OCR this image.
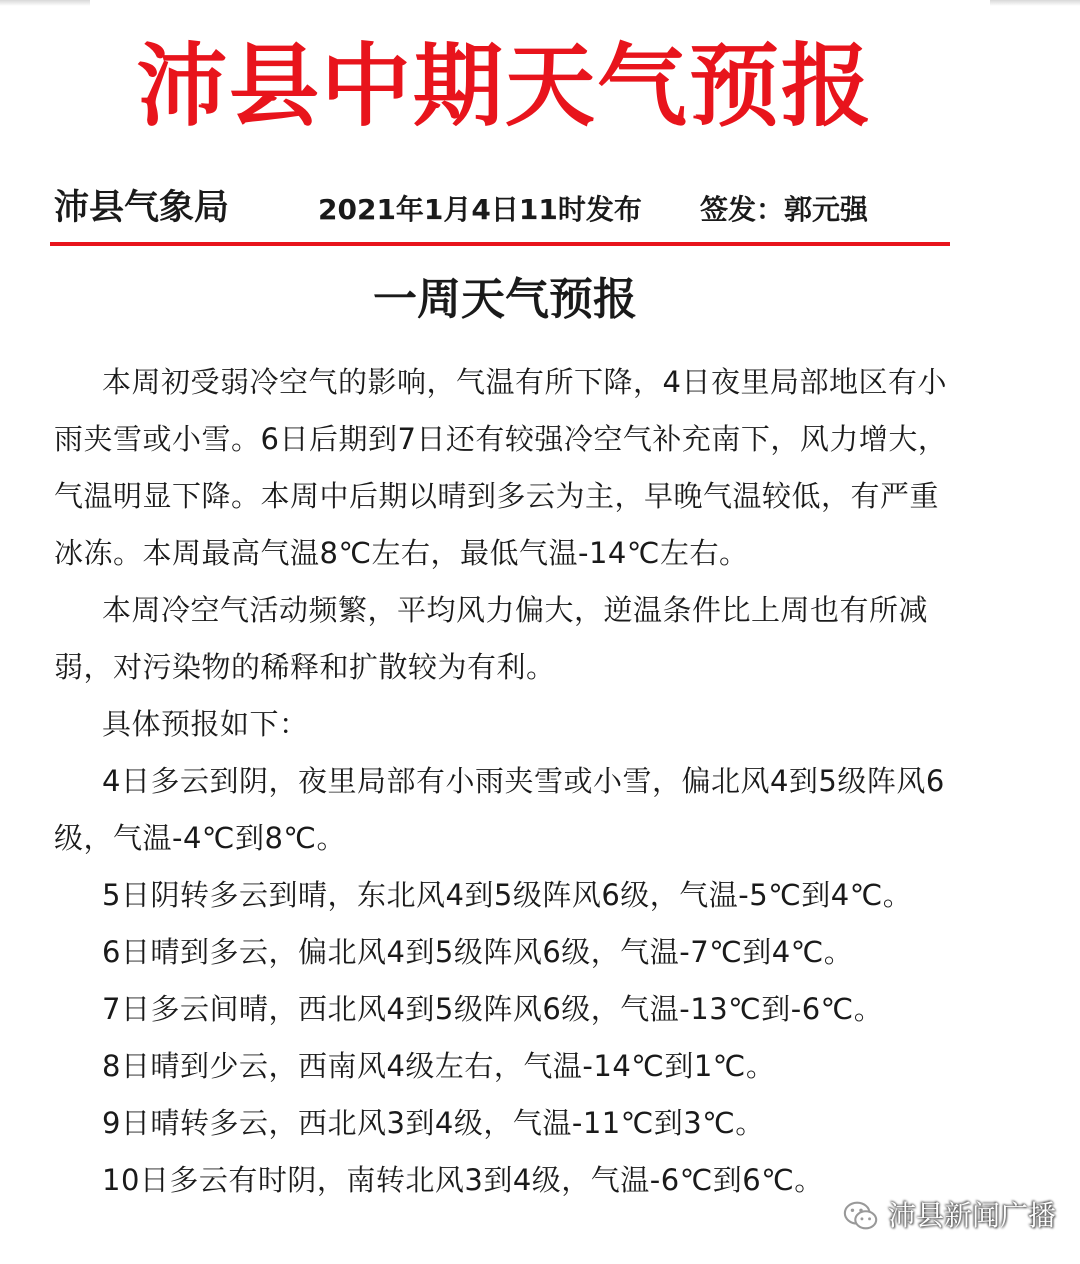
沛县中期天气预报
沛县气象局	2021年1月4日11时发布 签发：郭元强
一周天气预报

本周初受弱冷空气的影响，气温有所下降，4日夜里局部地区有小雨夹雪或小雪。6日后期到7日还有较强冷空气补充南下，风力增大，气温明显下降。本周中后期以晴到多云为主，早晚气温较低，有严重冰冻。本周最高气温8℃左右，最低气温-14℃左右。

本周冷空气活动频繁，平均风力偏大，逆温条件比上周也有所减弱，对污染物的稀释和扩散较为有利。

具体预报如下：

4日多云到阴，夜里局部有小雨夹雪或小雪，偏北风4到5级阵风6级，气温-4℃到8℃。

5日阴转多云到晴，东北风4到5级阵风6级，气温-5℃到4℃。

6日晴到多云，偏北风4到5级阵风6级，气温-7℃到4℃。

7日多云间晴，西北风4到5级阵风6级，气温-13℃到-6℃。

8日晴到少云，西南风4级左右，气温-14℃到1℃。

9日晴转多云，西北风3到4级，气温-11℃到3℃。

10日多云有时阴，南转北风3到4级，气温-6℃到6℃。

沛县新闻广播
